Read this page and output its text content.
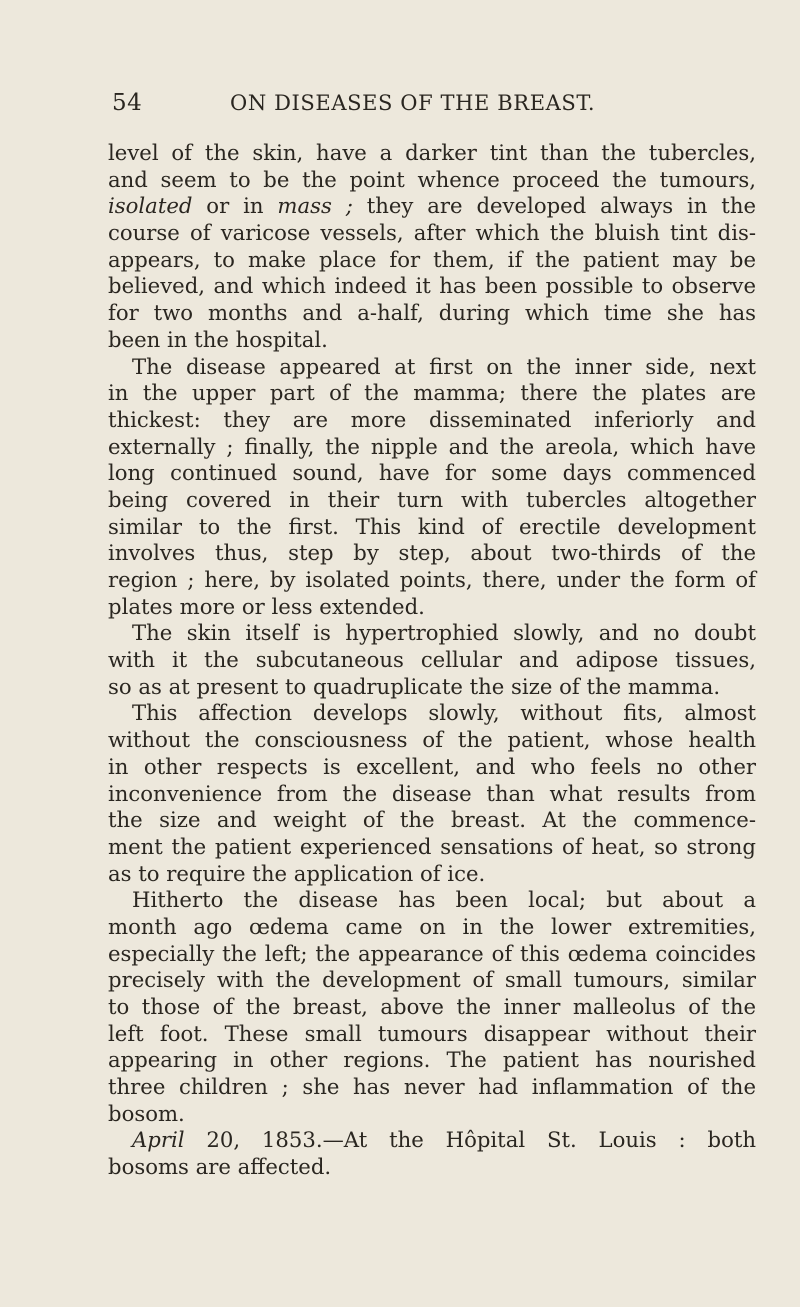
54	ON DISEASES OF THE BREAST.
level of the skin, have a darker tint than the tubercles,
and seem to be the point whence proceed the tumours,
isolated or in mass ; they are developed always in the
course of varicose vessels, after which the bluish tint dis-
appears, to make place for them, if the patient may be
believed, and which indeed it has been possible to observe
for two months and a-half, during which time she has
been in the hospital.
The disease appeared at first on the inner side, next
in the upper part of the mamma; there the plates are
thickest: they are more disseminated inferiorly and
externally ; finally, the nipple and the areola, which have
long continued sound, have for some days commenced
being covered in their turn with tubercles altogether
similar to the first. This kind of erectile development
involves thus, step by step, about two-thirds of the
region ; here, by isolated points, there, under the form of
plates more or less extended.
The skin itself is hypertrophied slowly, and no doubt
with it the subcutaneous cellular and adipose tissues,
so as at present to quadruplicate the size of the mamma.
This affection develops slowly, without fits, almost
without the consciousness of the patient, whose health
in other respects is excellent, and who feels no other
inconvenience from the disease than what results from
the size and weight of the breast. At the commence-
ment the patient experienced sensations of heat, so strong
as to require the application of ice.
Hitherto the disease has been local; but about a
month ago œdema came on in the lower extremities,
especially the left; the appearance of this œdema coincides
precisely with the development of small tumours, similar
to those of the breast, above the inner malleolus of the
left foot. These small tumours disappear without their
appearing in other regions. The patient has nourished
three children ; she has never had inflammation of the
bosom.
April 20, 1853.—At the Hôpital St. Louis : both
bosoms are affected.
